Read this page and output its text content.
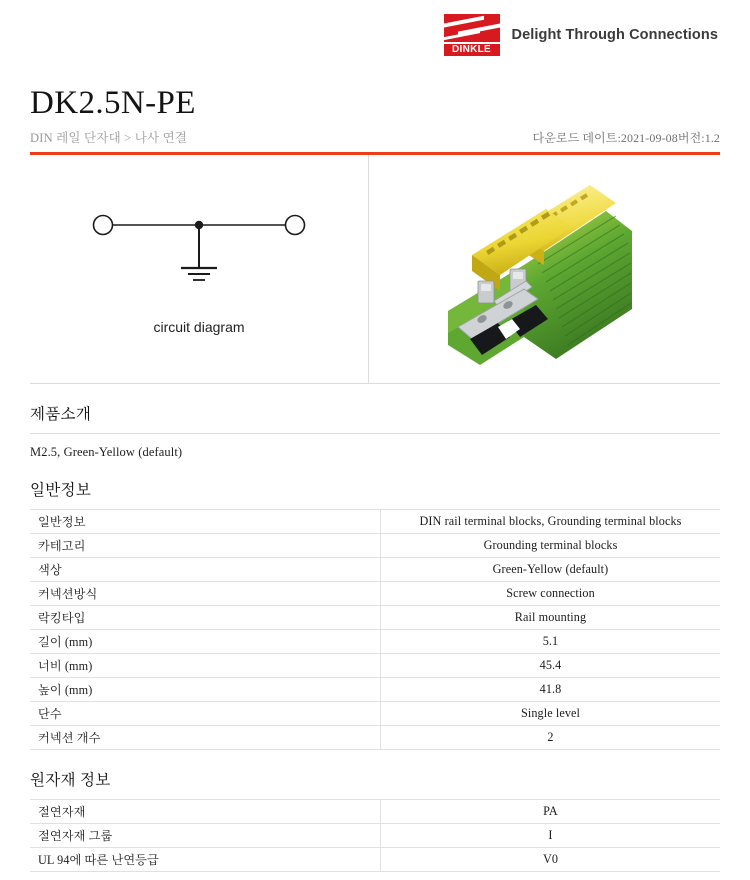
DINKLE
Delight Through Connections
DK2.5N-PE
DIN 레일 단자대 > 나사 연결	다운로드 데이트:2021-09-08버전:1.2
circuit diagram
제품소개
M2.5, Green-Yellow (default)
일반정보
일반정보	DIN rail terminal blocks, Grounding terminal blocks
카테고리	Grounding terminal blocks
색상	Green-Yellow (default)
커넥션방식	Screw connection
락킹타입	Rail mounting
길이 (mm)	5.1
너비 (mm)	45.4
높이 (mm)	41.8
단수	Single level
커넥션 개수	2
원자재 정보
절연자재	PA
절연자재 그룹	I
UL 94에 따른 난연등급	V0
